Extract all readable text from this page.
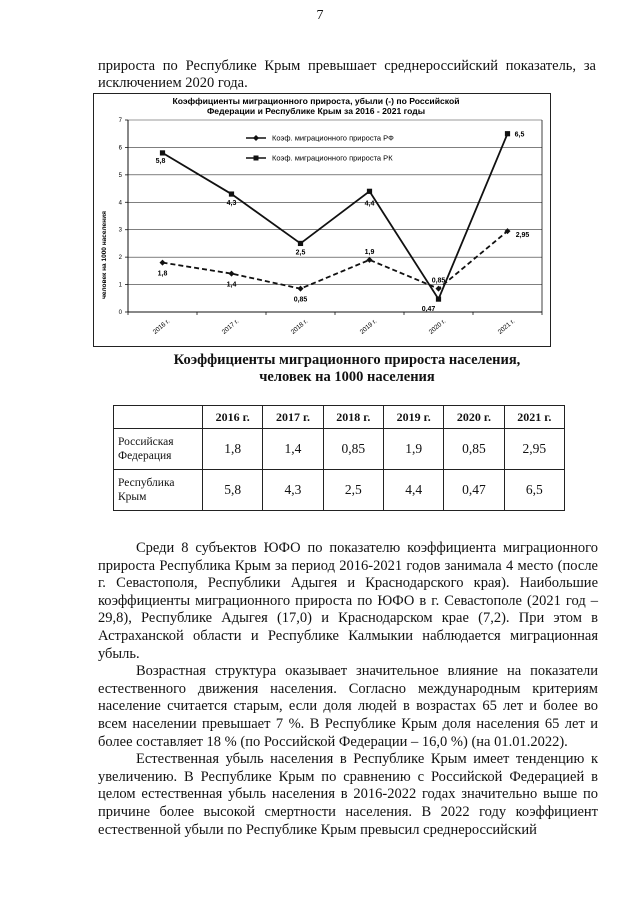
7
прироста по Республике Крым превышает среднероссийский показатель, за исключением 2020 года.
Коэффициенты миграционного прироста, убыли (-) по Российской
Федерации и Республике Крым за 2016 - 2021 годы
человек на 1000 населения
0
1
2
3
4
5
6
7
2016 г.	2017 г.	2018 г.	2019 г.	2020 г.	2021 г.
1,8
1,4
0,85
1,9
0,85
2,95
5,8
4,3
2,5
4,4
0,47
6,5
Коэф. миграционного прироста РФ
Коэф. миграционного прироста РК
Коэффициенты миграционного прироста населения,
человек на 1000 населения
	2016 г.	2017 г.	2018 г.	2019 г.	2020 г.	2021 г.

Российская
Федерация	1,8	1,4	0,85	1,9	0,85	2,95

Республика
Крым	5,8	4,3	2,5	4,4	0,47	6,5

Среди 8 субъектов ЮФО по показателю коэффициента миграционного прироста Республика Крым за период 2016-2021 годов занимала 4 место (после г. Севастополя, Республики Адыгея и Краснодарского края). Наибольшие коэффициенты миграционного прироста по ЮФО в г. Севастополе (2021 год – 29,8), Республике Адыгея (17,0) и Краснодарском крае (7,2). При этом в Астраханской области и Республике Калмыкии наблюдается миграционная убыль.

Возрастная структура оказывает значительное влияние на показатели естественного движения населения. Согласно международным критериям население считается старым, если доля людей в возрастах 65 лет и более во всем населении превышает 7 %. В Республике Крым доля населения 65 лет и более составляет 18 % (по Российской Федерации – 16,0 %) (на 01.01.2022).

Естественная убыль населения в Республике Крым имеет тенденцию к увеличению. В Республике Крым по сравнению с Российской Федерацией в целом естественная убыль населения в 2016-2022 годах значительно выше по причине более высокой смертности населения. В 2022 году коэффициент естественной убыли по Республике Крым превысил среднероссийский
